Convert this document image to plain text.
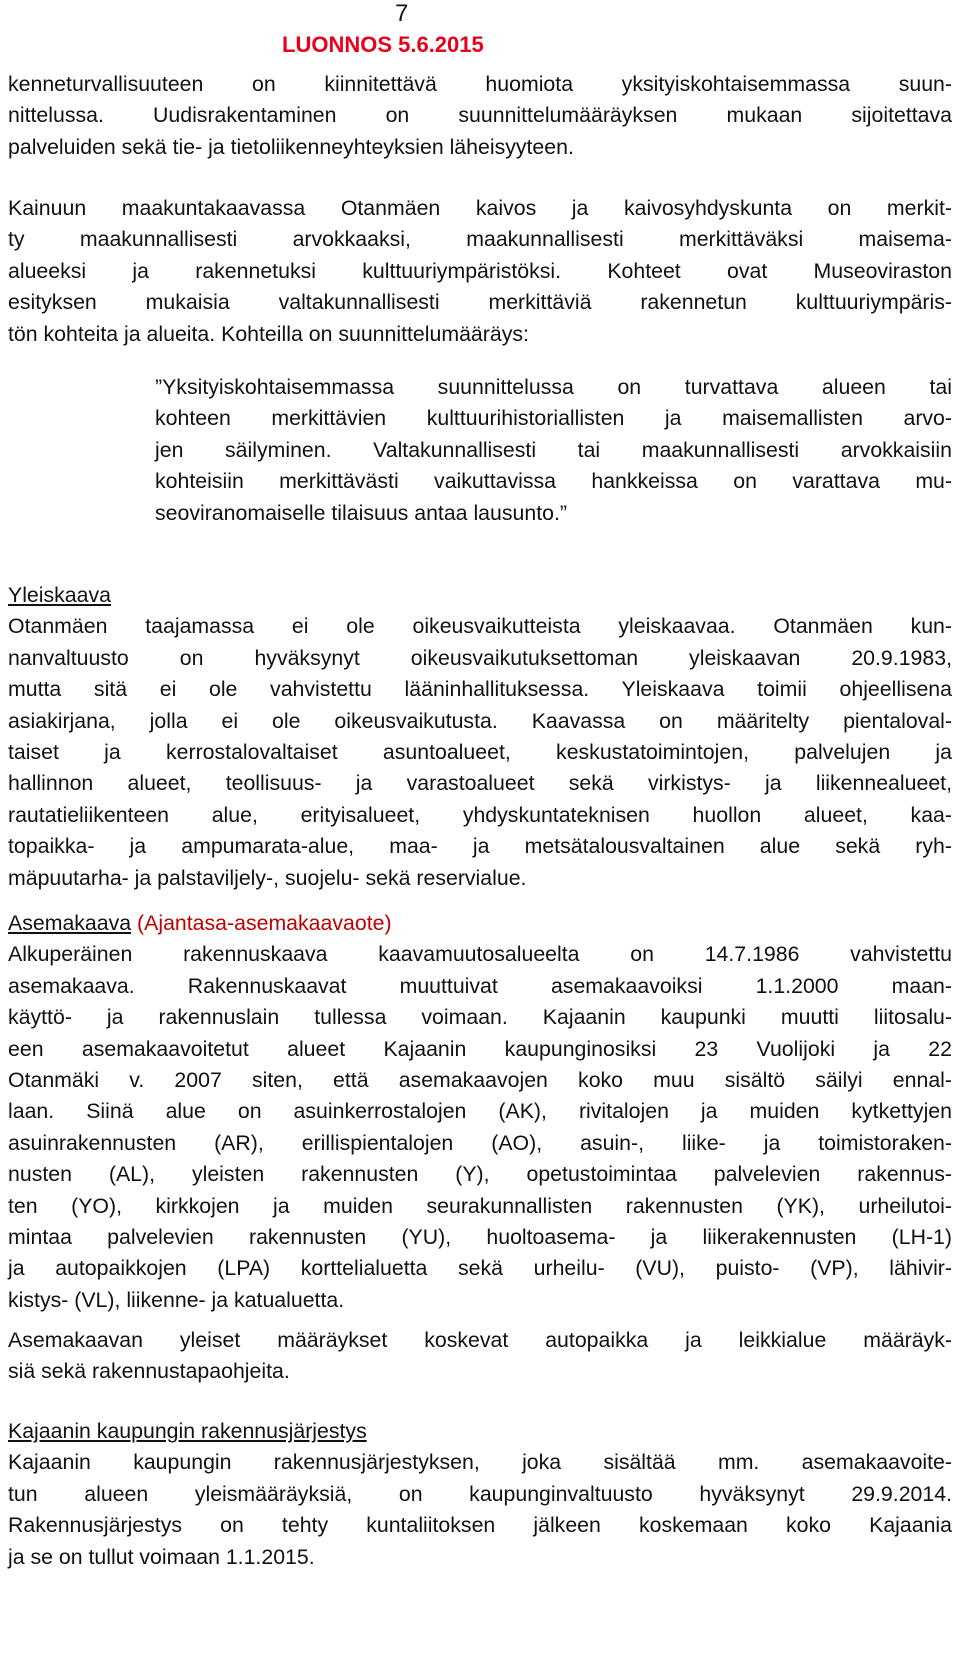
7
LUONNOS 5.6.2015
kenneturvallisuuteen on kiinnitettävä huomiota yksityiskohtaisemmassa suun-
nittelussa. Uudisrakentaminen on suunnittelumääräyksen mukaan sijoitettava
palveluiden sekä tie- ja tietoliikenneyhteyksien läheisyyteen.
Kainuun maakuntakaavassa Otanmäen kaivos ja kaivosyhdyskunta on merkit-
ty maakunnallisesti arvokkaaksi, maakunnallisesti merkittäväksi maisema-
alueeksi ja rakennetuksi kulttuuriympäristöksi. Kohteet ovat Museoviraston
esityksen mukaisia valtakunnallisesti merkittäviä rakennetun kulttuuriympäris-
tön kohteita ja alueita. Kohteilla on suunnittelumääräys:
”Yksityiskohtaisemmassa suunnittelussa on turvattava alueen tai
kohteen merkittävien kulttuurihistoriallisten ja maisemallisten arvo-
jen säilyminen. Valtakunnallisesti tai maakunnallisesti arvokkaisiin
kohteisiin merkittävästi vaikuttavissa hankkeissa on varattava mu-
seoviranomaiselle tilaisuus antaa lausunto.”
Yleiskaava
Otanmäen taajamassa ei ole oikeusvaikutteista yleiskaavaa. Otanmäen kun-
nanvaltuusto on hyväksynyt oikeusvaikutuksettoman yleiskaavan 20.9.1983,
mutta sitä ei ole vahvistettu lääninhallituksessa. Yleiskaava toimii ohjeellisena
asiakirjana, jolla ei ole oikeusvaikutusta. Kaavassa on määritelty pientaloval-
taiset ja kerrostalovaltaiset asuntoalueet, keskustatoimintojen, palvelujen ja
hallinnon alueet, teollisuus- ja varastoalueet sekä virkistys- ja liikennealueet,
rautatieliikenteen alue, erityisalueet, yhdyskuntateknisen huollon alueet, kaa-
topaikka- ja ampumarata-alue, maa- ja metsätalousvaltainen alue sekä ryh-
mäpuutarha- ja palstaviljely-, suojelu- sekä reservialue.
Asemakaava (Ajantasa-asemakaavaote)
Alkuperäinen rakennuskaava kaavamuutosalueelta on 14.7.1986 vahvistettu
asemakaava. Rakennuskaavat muuttuivat asemakaavoiksi 1.1.2000 maan-
käyttö- ja rakennuslain tullessa voimaan. Kajaanin kaupunki muutti liitosalu-
een asemakaavoitetut alueet Kajaanin kaupunginosiksi 23 Vuolijoki ja 22
Otanmäki v. 2007 siten, että asemakaavojen koko muu sisältö säilyi ennal-
laan. Siinä alue on asuinkerrostalojen (AK), rivitalojen ja muiden kytkettyjen
asuinrakennusten (AR), erillispientalojen (AO), asuin-, liike- ja toimistoraken-
nusten (AL), yleisten rakennusten (Y), opetustoimintaa palvelevien rakennus-
ten (YO), kirkkojen ja muiden seurakunnallisten rakennusten (YK), urheilutoi-
mintaa palvelevien rakennusten (YU), huoltoasema- ja liikerakennusten (LH-1)
ja autopaikkojen (LPA) korttelialuetta sekä urheilu- (VU), puisto- (VP), lähivir-
kistys- (VL), liikenne- ja katualuetta.
Asemakaavan yleiset määräykset koskevat autopaikka ja leikkialue määräyk-
siä sekä rakennustapaohjeita.
Kajaanin kaupungin rakennusjärjestys
Kajaanin kaupungin rakennusjärjestyksen, joka sisältää mm. asemakaavoite-
tun alueen yleismääräyksiä, on kaupunginvaltuusto hyväksynyt 29.9.2014.
Rakennusjärjestys on tehty kuntaliitoksen jälkeen koskemaan koko Kajaania
ja se on tullut voimaan 1.1.2015.
